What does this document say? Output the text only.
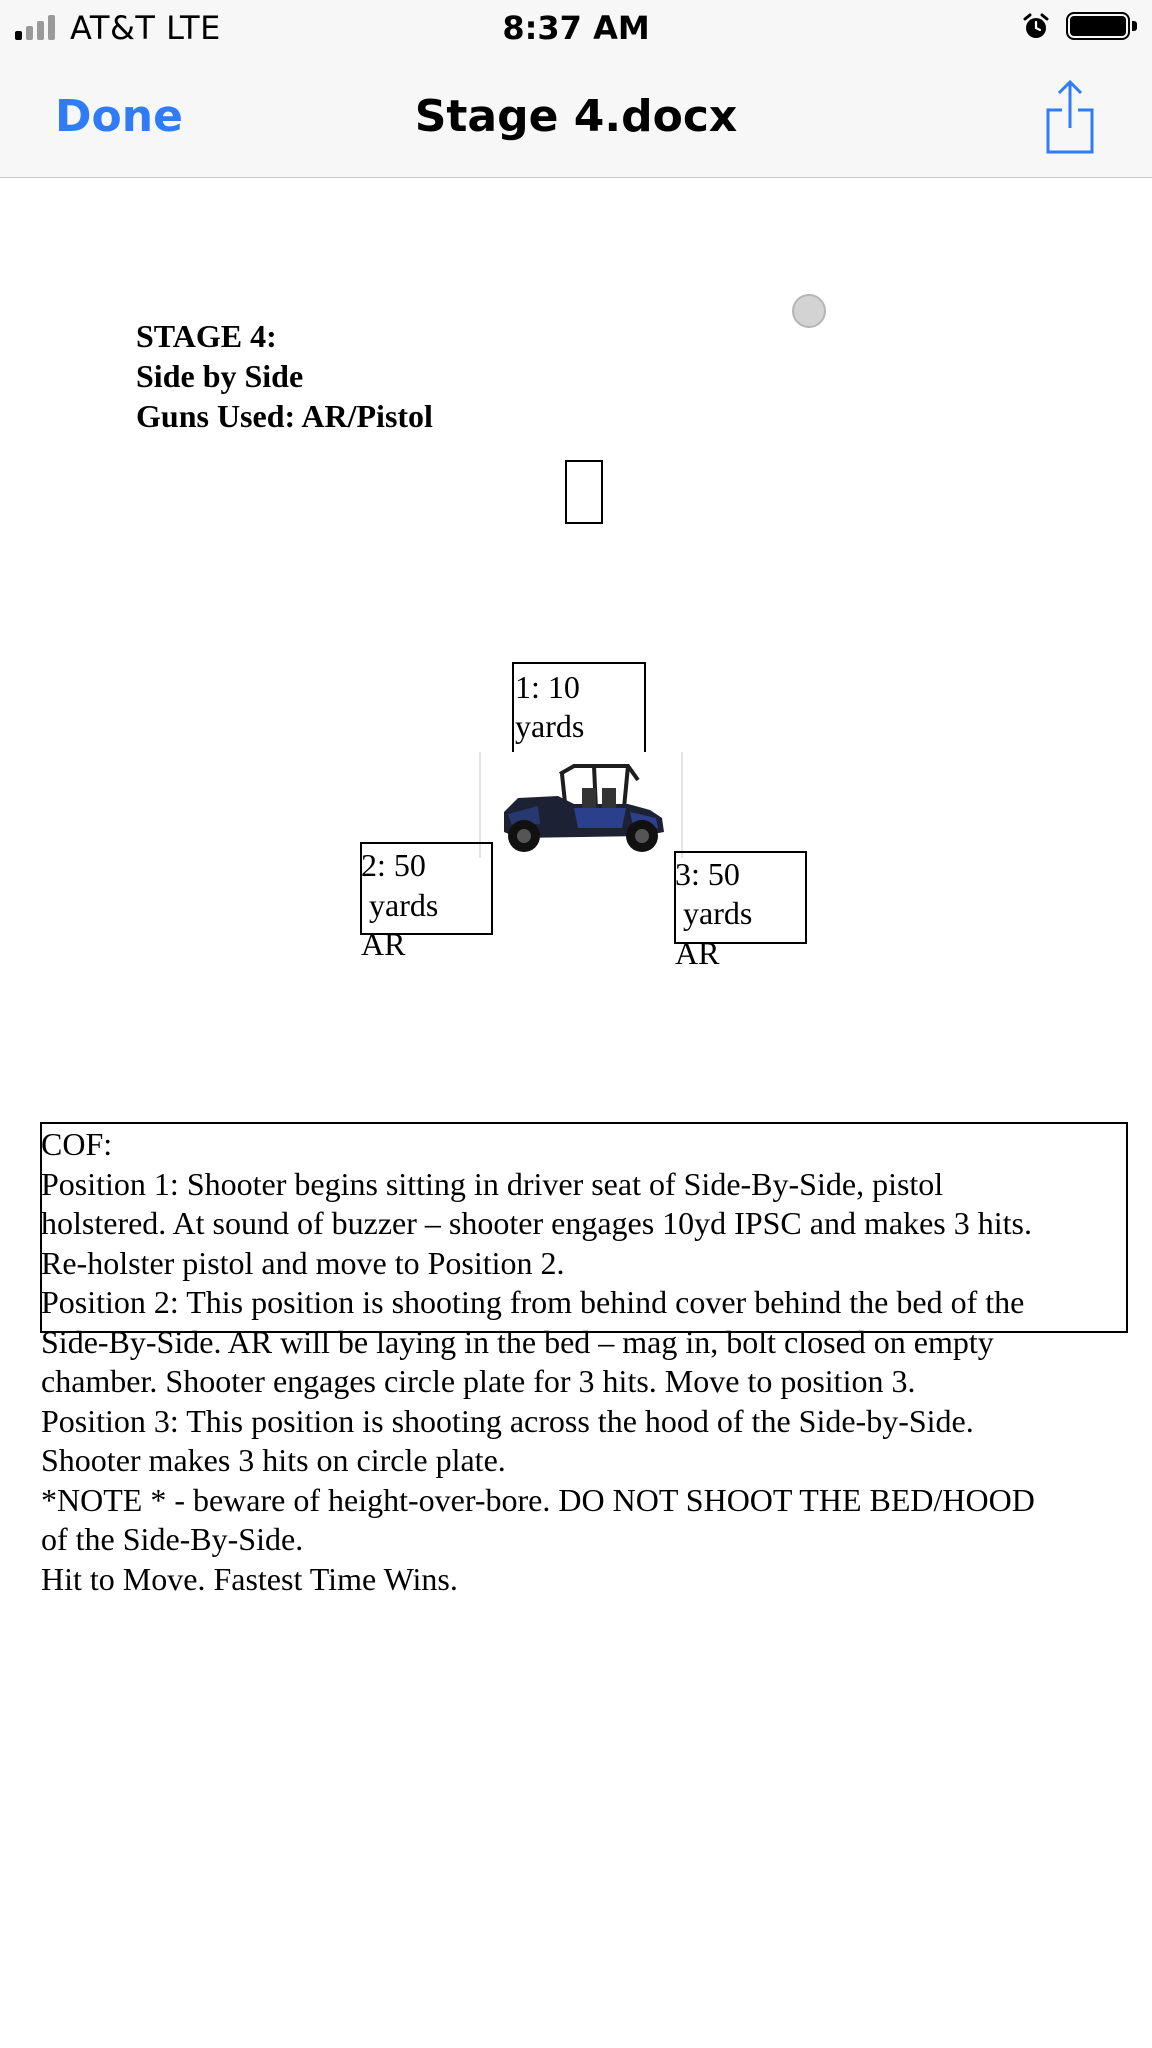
AT&T LTE	8:37 AM
Done	Stage 4.docx
STAGE 4:
Side by Side
Guns Used: AR/Pistol
1: 10
yards
2: 50
yards
AR
3: 50
yards
AR
COF:
Position 1: Shooter begins sitting in driver seat of Side-By-Side, pistol
holstered. At sound of buzzer – shooter engages 10yd IPSC and makes 3 hits.
Re-holster pistol and move to Position 2.
Position 2: This position is shooting from behind cover behind the bed of the
Side-By-Side. AR will be laying in the bed – mag in, bolt closed on empty
chamber. Shooter engages circle plate for 3 hits. Move to position 3.
Position 3: This position is shooting across the hood of the Side-by-Side.
Shooter makes 3 hits on circle plate.
*NOTE * - beware of height-over-bore. DO NOT SHOOT THE BED/HOOD
of the Side-By-Side.
Hit to Move. Fastest Time Wins.
